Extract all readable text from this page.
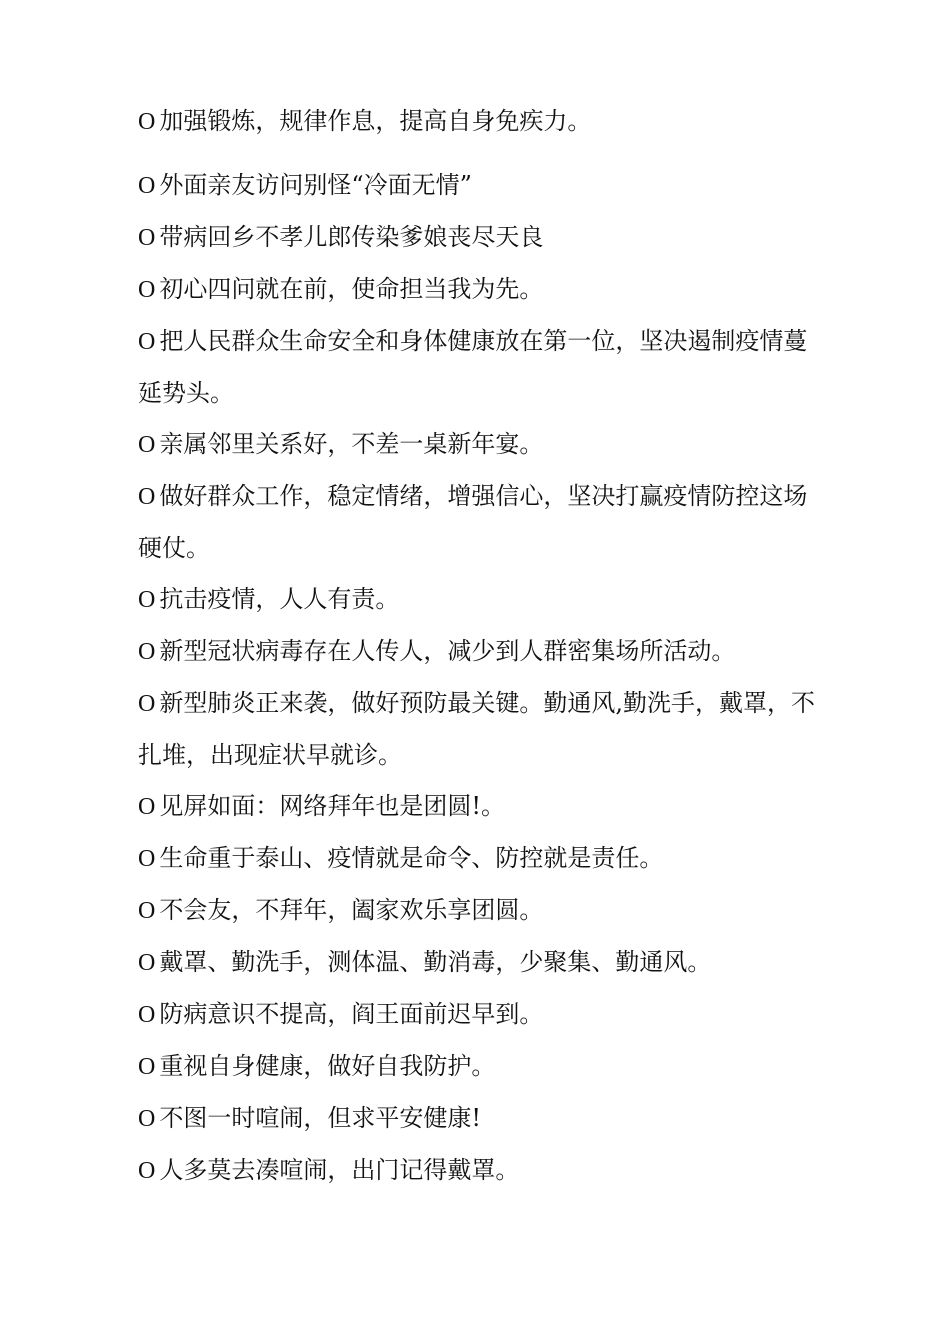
O 加强锻炼，规律作息，提高自身免疾力。
O 外面亲友访问别怪“冷面无情”
O 带病回乡不孝儿郎传染爹娘丧尽天良
O 初心四问就在前，使命担当我为先。
O 把人民群众生命安全和身体健康放在第一位，坚决遏制疫情蔓延势头。
O 亲属邻里关系好，不差一桌新年宴。
O 做好群众工作，稳定情绪，增强信心，坚决打赢疫情防控这场硬仗。
O 抗击疫情，人人有责。
O 新型冠状病毒存在人传人，减少到人群密集场所活动。
O 新型肺炎正来袭，做好预防最关键。勤通风,勤洗手，戴罩，不扎堆，出现症状早就诊。
O 见屏如面：网络拜年也是团圆!。
O 生命重于泰山、疫情就是命令、防控就是责任。
O 不会友，不拜年，阖家欢乐享团圆。
O 戴罩、勤洗手，测体温、勤消毒，少聚集、勤通风。
O 防病意识不提高，阎王面前迟早到。
O 重视自身健康，做好自我防护。
O 不图一时喧闹，但求平安健康!
O 人多莫去凑喧闹，出门记得戴罩。
